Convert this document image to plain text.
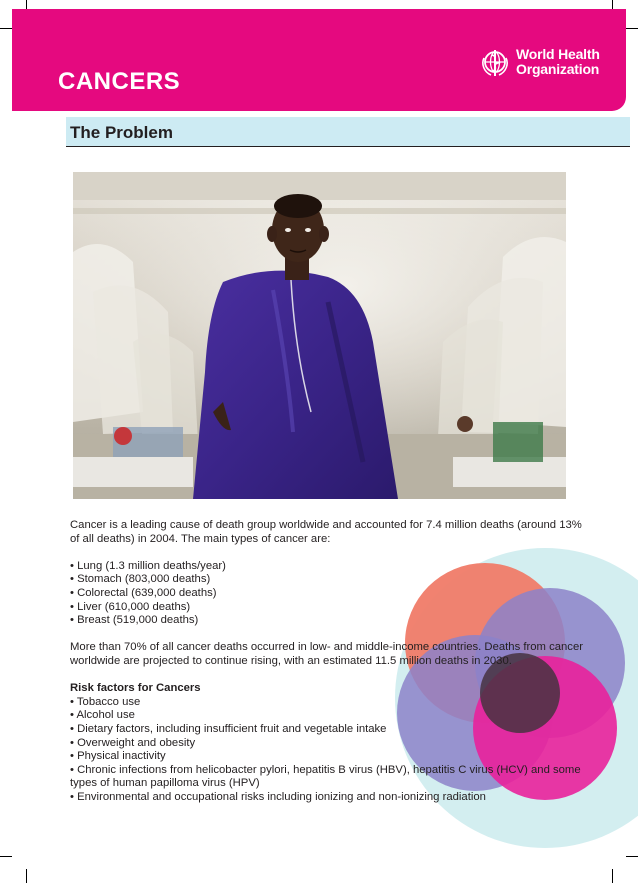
CANCERS
World Health
Organization
The Problem

Cancer is a leading cause of death group worldwide and accounted for 7.4 million deaths (around 13% of all deaths) in 2004. The main types of cancer are:

• Lung (1.3 million deaths/year)

• Stomach (803,000 deaths)

• Colorectal (639,000 deaths)

• Liver (610,000 deaths)

• Breast (519,000 deaths)

More than 70% of all cancer deaths occurred in low- and middle-income countries. Deaths from cancer worldwide are projected to continue rising, with an estimated 11.5 million deaths in 2030.

Risk factors for Cancers

• Tobacco use

• Alcohol use

• Dietary factors, including insufficient fruit and vegetable intake

• Overweight and obesity

• Physical inactivity

• Chronic infections from helicobacter pylori, hepatitis B virus (HBV), hepatitis C virus (HCV) and some types of human papilloma virus (HPV)

• Environmental and occupational risks including ionizing and non-ionizing radiation
